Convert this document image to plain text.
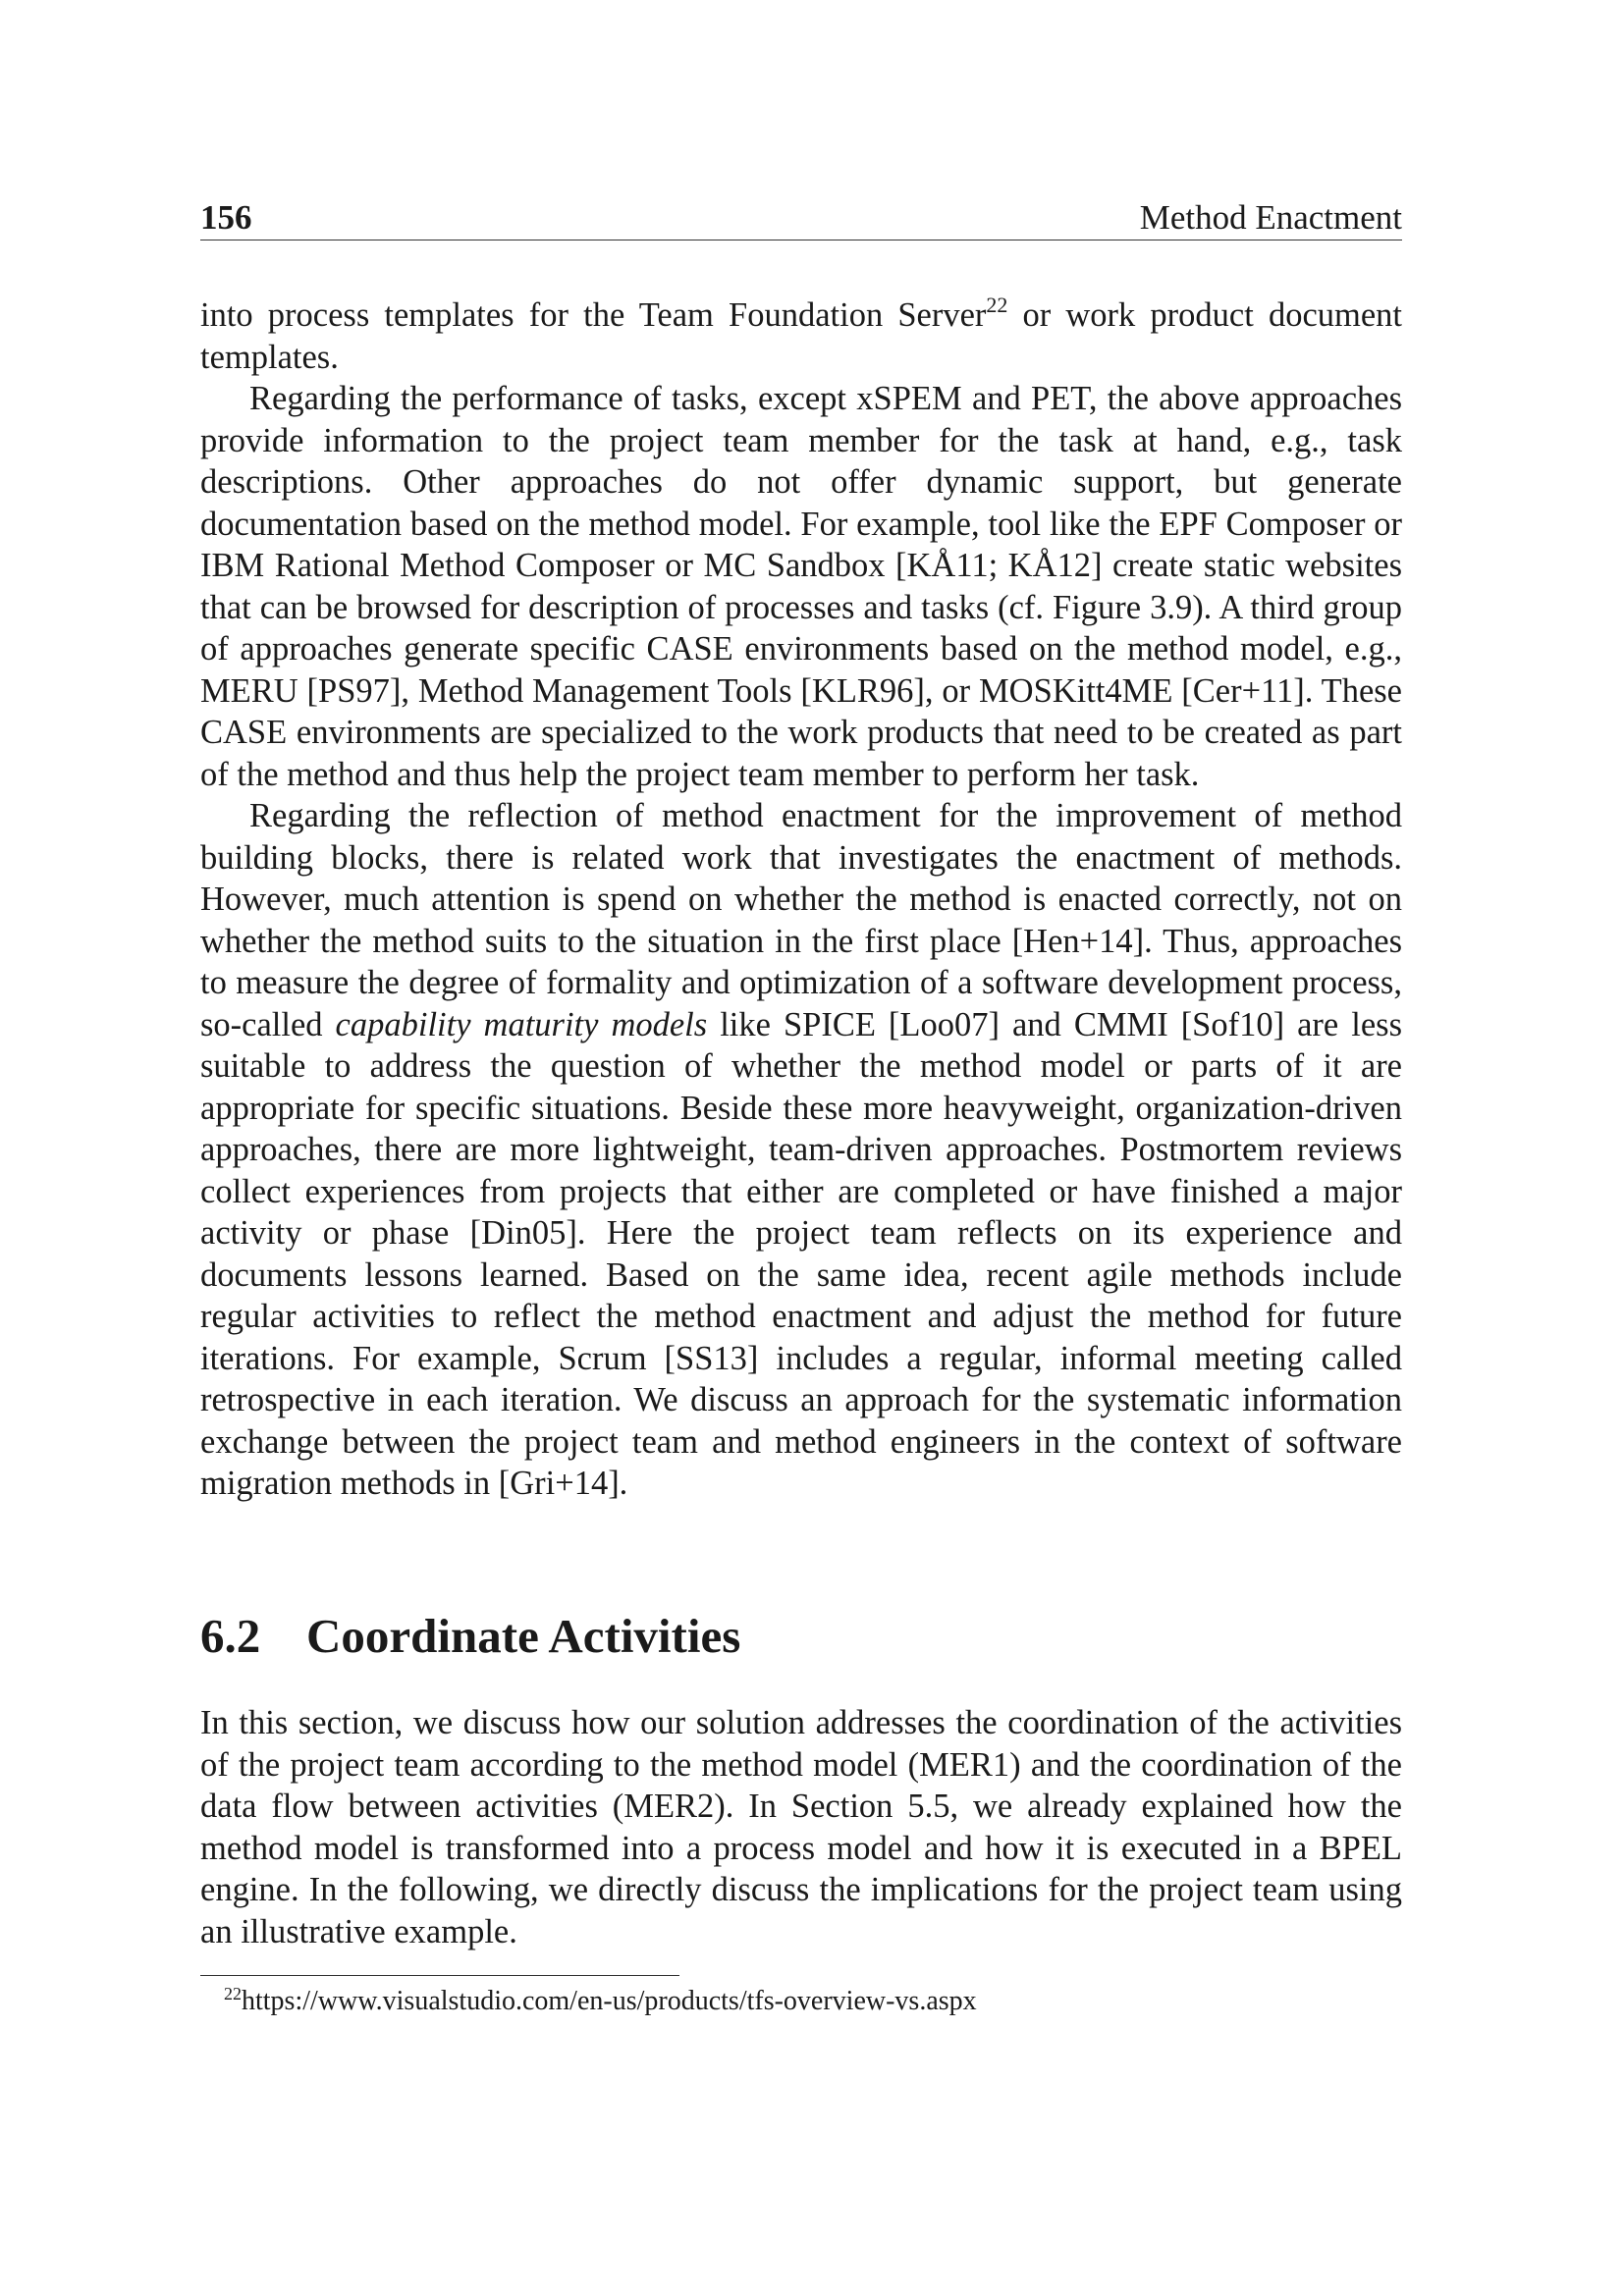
156	Method Enactment

into process templates for the Team Foundation Server$^{22}$ or work product document templates.

Regarding the performance of tasks, except xSPEM and PET, the above approaches provide information to the project team member for the task at hand, e.g., task descriptions. Other approaches do not offer dynamic support, but generate documentation based on the method model. For example, tool like the EPF Composer or IBM Rational Method Composer or MC Sandbox [KÅ11; KÅ12] create static websites that can be browsed for description of processes and tasks (cf. Figure 3.9). A third group of approaches generate specific CASE environments based on the method model, e.g., MERU [PS97], Method Management Tools [KLR96], or MOSKitt4ME [Cer+11]. These CASE environments are specialized to the work products that need to be created as part of the method and thus help the project team member to perform her task.

Regarding the reflection of method enactment for the improvement of method building blocks, there is related work that investigates the enactment of methods. However, much attention is spend on whether the method is enacted correctly, not on whether the method suits to the situation in the first place [Hen+14]. Thus, approaches to measure the degree of formality and optimization of a software development process, so-called capability maturity models like SPICE [Loo07] and CMMI [Sof10] are less suitable to address the question of whether the method model or parts of it are appropriate for specific situations. Beside these more heavyweight, organization-driven approaches, there are more lightweight, team-driven approaches. Postmortem reviews collect experiences from projects that either are completed or have finished a major activity or phase [Din05]. Here the project team reflects on its experience and documents lessons learned. Based on the same idea, recent agile methods include regular activities to reflect the method enactment and adjust the method for future iterations. For example, Scrum [SS13] includes a regular, informal meeting called retrospective in each iteration. We discuss an approach for the systematic information exchange between the project team and method engineers in the context of software migration methods in [Gri+14].

6.2 Coordinate Activities

In this section, we discuss how our solution addresses the coordination of the activities of the project team according to the method model (MER1) and the coordination of the data flow between activities (MER2). In Section 5.5, we already explained how the method model is transformed into a process model and how it is executed in a BPEL engine. In the following, we directly discuss the implications for the project team using an illustrative example.

$^{22}$https://www.visualstudio.com/en-us/products/tfs-overview-vs.aspx
